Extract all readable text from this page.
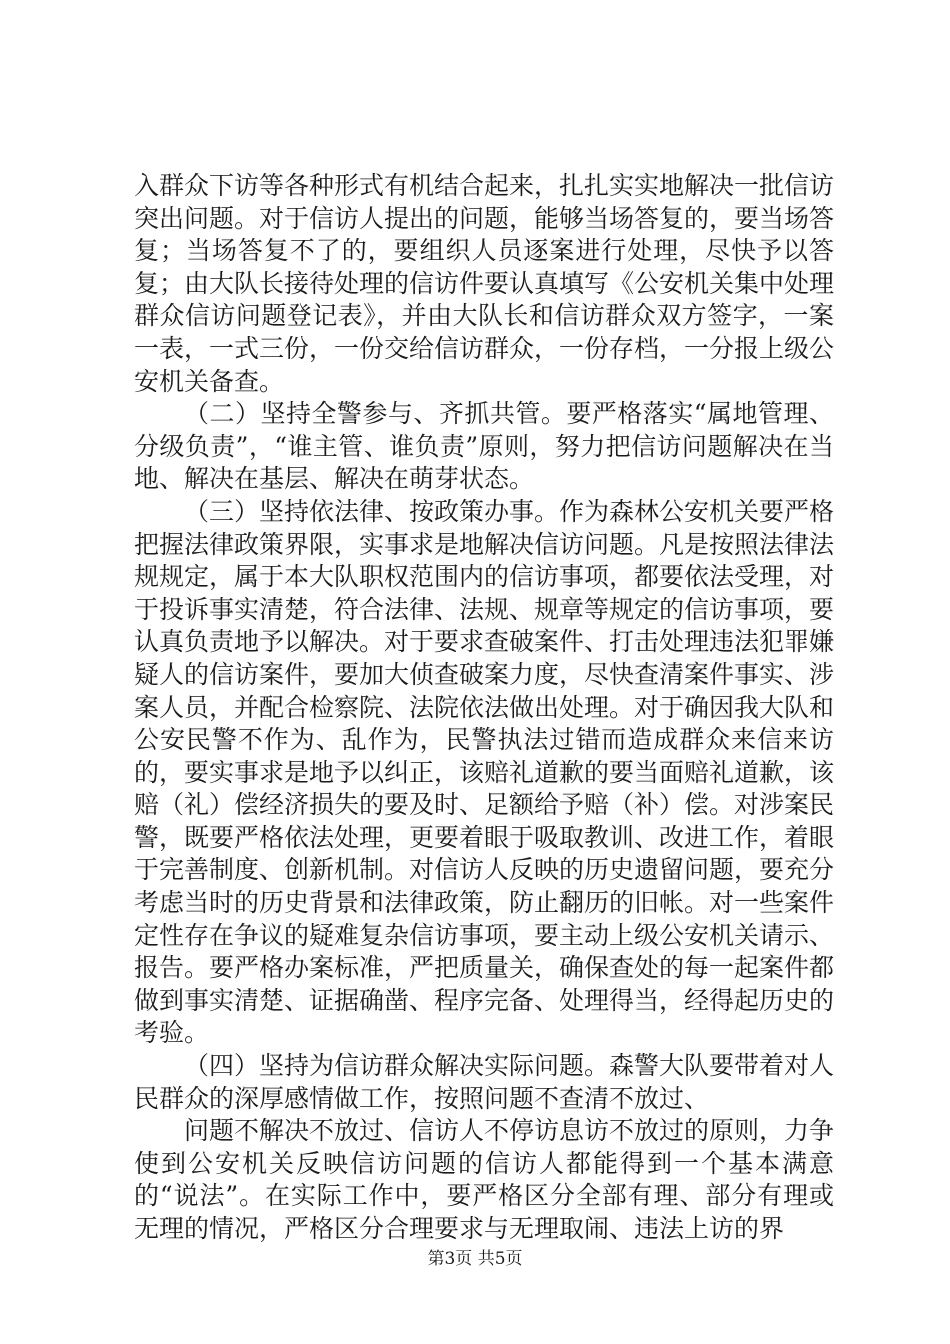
入群众下访等各种形式有机结合起来，扎扎实实地解决一批信访突出问题。对于信访人提出的问题，能够当场答复的，要当场答复；当场答复不了的，要组织人员逐案进行处理，尽快予以答复；由大队长接待处理的信访件要认真填写《公安机关集中处理群众信访问题登记表》，并由大队长和信访群众双方签字，一案一表，一式三份，一份交给信访群众，一份存档，一分报上级公安机关备查。

（二）坚持全警参与、齐抓共管。要严格落实“属地管理、分级负责”，“谁主管、谁负责”原则，努力把信访问题解决在当地、解决在基层、解决在萌芽状态。

（三）坚持依法律、按政策办事。作为森林公安机关要严格把握法律政策界限，实事求是地解决信访问题。凡是按照法律法规规定，属于本大队职权范围内的信访事项，都要依法受理，对于投诉事实清楚，符合法律、法规、规章等规定的信访事项，要认真负责地予以解决。对于要求查破案件、打击处理违法犯罪嫌疑人的信访案件，要加大侦查破案力度，尽快查清案件事实、涉案人员，并配合检察院、法院依法做出处理。对于确因我大队和公安民警不作为、乱作为，民警执法过错而造成群众来信来访的，要实事求是地予以纠正，该赔礼道歉的要当面赔礼道歉，该赔（礼）偿经济损失的要及时、足额给予赔（补）偿。对涉案民警，既要严格依法处理，更要着眼于吸取教训、改进工作，着眼于完善制度、创新机制。对信访人反映的历史遗留问题，要充分考虑当时的历史背景和法律政策，防止翻历的旧帐。对一些案件定性存在争议的疑难复杂信访事项，要主动上级公安机关请示、报告。要严格办案标准，严把质量关，确保查处的每一起案件都做到事实清楚、证据确凿、程序完备、处理得当，经得起历史的考验。

（四）坚持为信访群众解决实际问题。森警大队要带着对人民群众的深厚感情做工作，按照问题不查清不放过、

问题不解决不放过、信访人不停访息访不放过的原则，力争使到公安机关反映信访问题的信访人都能得到一个基本满意的“说法”。在实际工作中，要严格区分全部有理、部分有理或无理的情况，严格区分合理要求与无理取闹、违法上访的界

第3页 共5页
